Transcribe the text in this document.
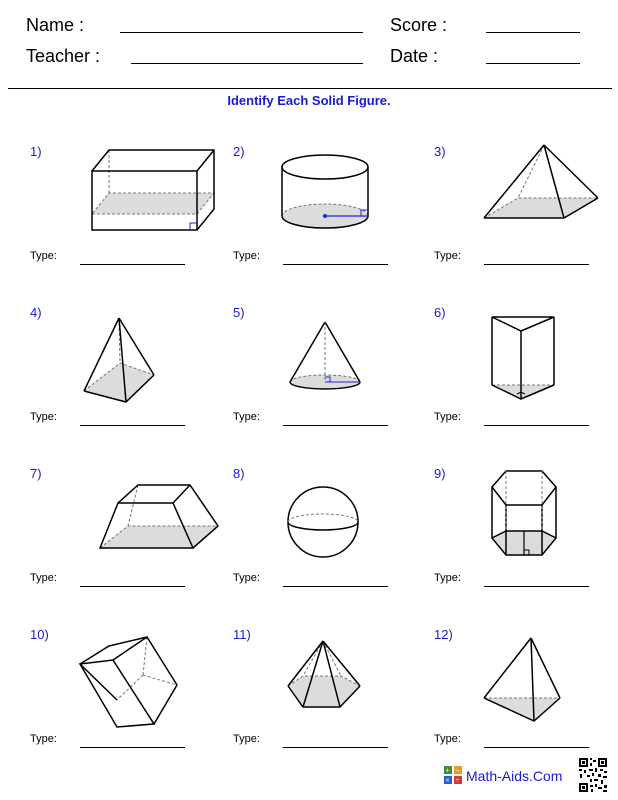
Name :	Score :
Teacher :	Date :
Identify Each Solid Figure.
1)
Type:
2)
Type:
3)
Type:
4)
Type:
5)
Type:
6)
Type:
7)
Type:
8)
Type:
9)
Type:
10)
Type:
11)
Type:
12)
Type:
+ −
× ÷ Math-Aids.Com
